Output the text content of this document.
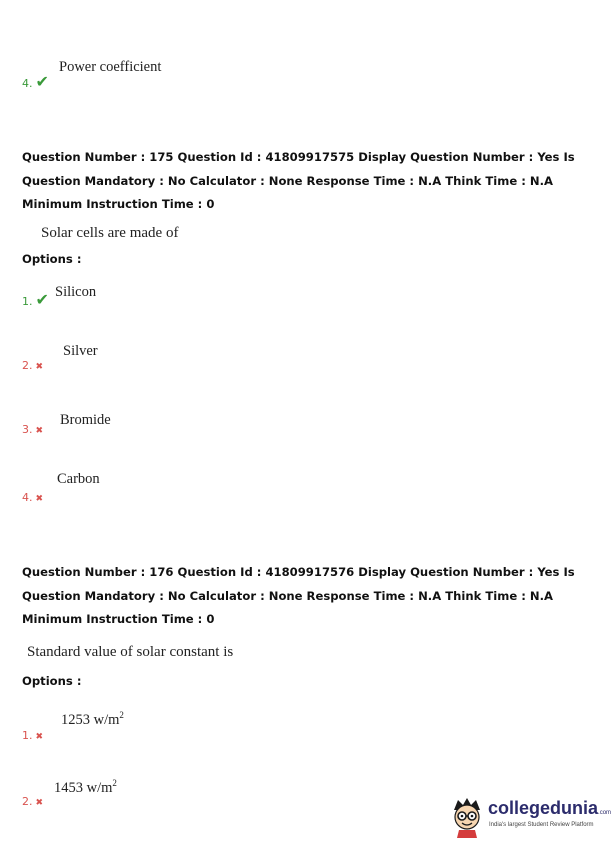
4. ✔
Power coefficient
Question Number : 175 Question Id : 41809917575 Display Question Number : Yes Is Question Mandatory : No Calculator : None Response Time : N.A Think Time : N.A Minimum Instruction Time : 0
Solar cells are made of
Options :
1. ✔ Silicon
2. ✖
Silver
3. ✖
Bromide
4. ✖
Carbon
Question Number : 176 Question Id : 41809917576 Display Question Number : Yes Is Question Mandatory : No Calculator : None Response Time : N.A Think Time : N.A Minimum Instruction Time : 0
Standard value of solar constant is
Options :
1. ✖
1253 $w/m^2$
2. ✖
1453 $w/m^2$
collegedunia.com
India's largest Student Review Platform
